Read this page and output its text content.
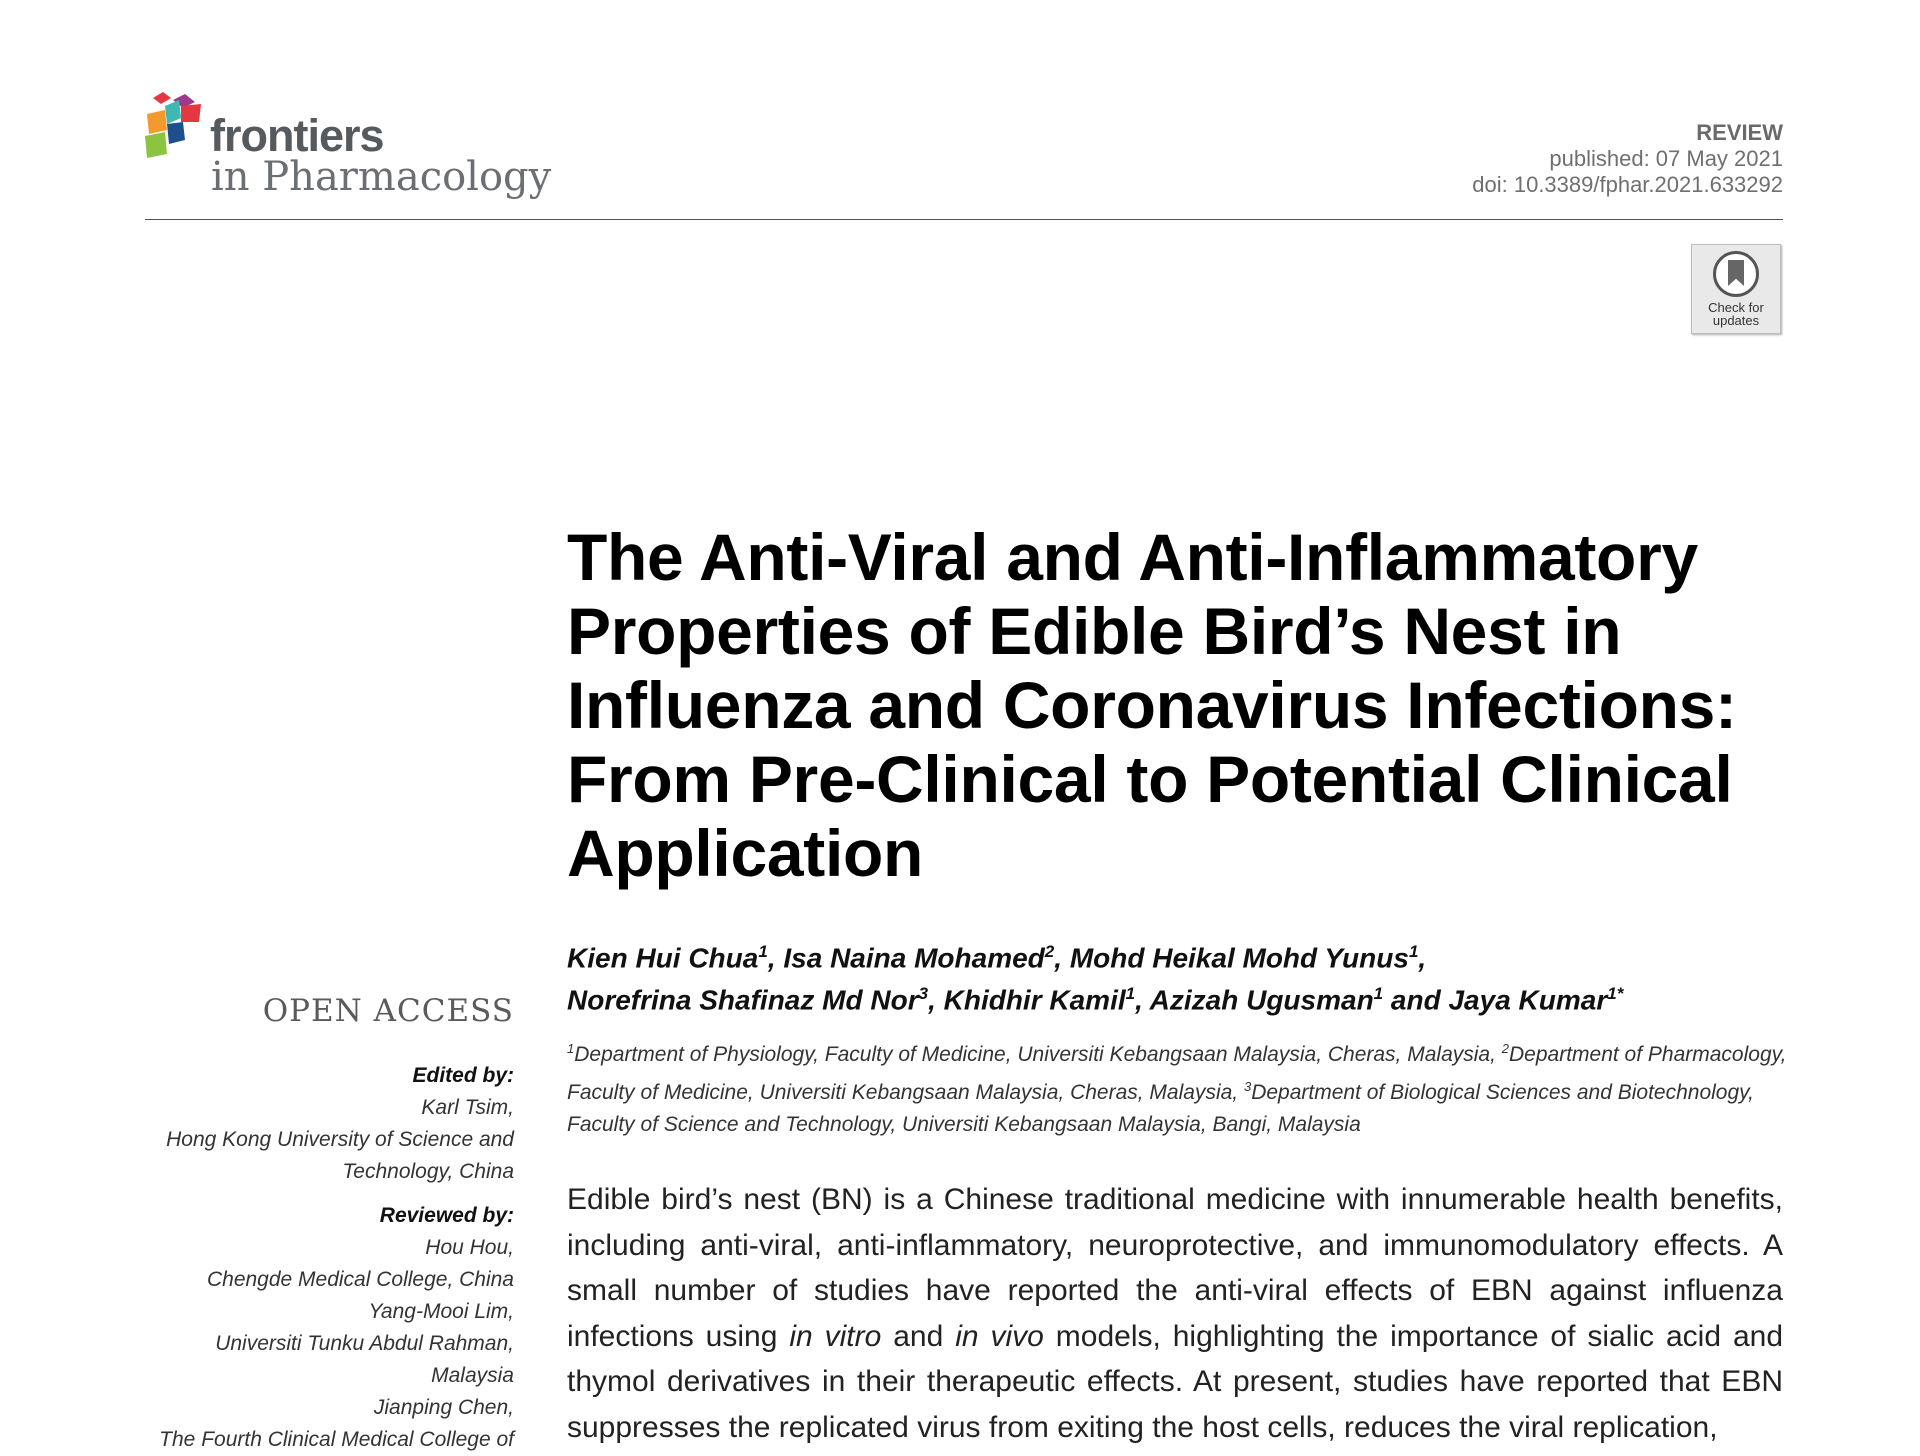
frontiers
in Pharmacology
REVIEW
published: 07 May 2021
doi: 10.3389/fphar.2021.633292
Check for
updates
The Anti-Viral and Anti-Inflammatory Properties of Edible Bird’s Nest in Influenza and Coronavirus Infections: From Pre-Clinical to Potential Clinical Application
Kien Hui Chua$^1$, Isa Naina Mohamed$^2$, Mohd Heikal Mohd Yunus$^1$,
Norefrina Shafinaz Md Nor$^3$, Khidhir Kamil$^1$, Azizah Ugusman$^1$ and Jaya Kumar$^{1*}$
$^1$Department of Physiology, Faculty of Medicine, Universiti Kebangsaan Malaysia, Cheras, Malaysia, $^2$Department of Pharmacology, Faculty of Medicine, Universiti Kebangsaan Malaysia, Cheras, Malaysia, $^3$Department of Biological Sciences and Biotechnology, Faculty of Science and Technology, Universiti Kebangsaan Malaysia, Bangi, Malaysia
Edible bird’s nest (BN) is a Chinese traditional medicine with innumerable health benefits, including anti-viral, anti-inflammatory, neuroprotective, and immunomodulatory effects. A small number of studies have reported the anti-viral effects of EBN against influenza infections using in vitro and in vivo models, highlighting the importance of sialic acid and thymol derivatives in their therapeutic effects. At present, studies have reported that EBN suppresses the replicated virus from exiting the host cells, reduces the viral replication,
OPEN ACCESS
Edited by:
Karl Tsim,
Hong Kong University of Science and
Technology, China
Reviewed by:
Hou Hou,
Chengde Medical College, China
Yang-Mooi Lim,
Universiti Tunku Abdul Rahman,
Malaysia
Jianping Chen,
The Fourth Clinical Medical College of
